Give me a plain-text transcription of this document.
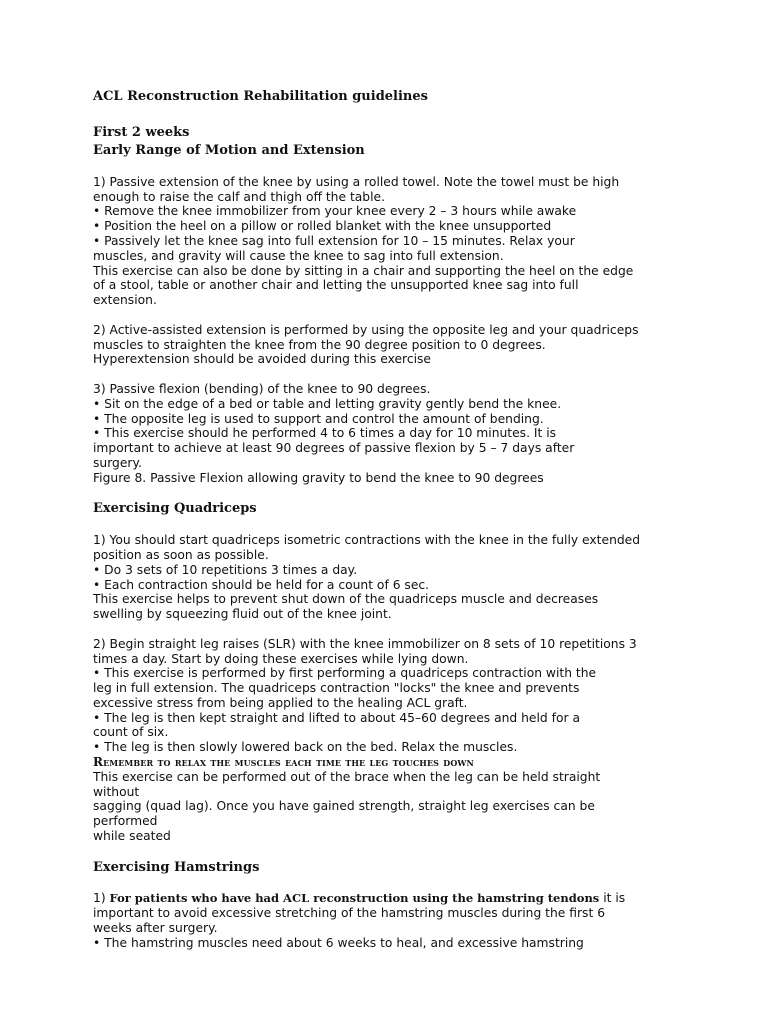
ACL Reconstruction Rehabilitation guidelines

First 2 weeks

Early Range of Motion and Extension

1) Passive extension of the knee by using a rolled towel. Note the towel must be high
enough to raise the calf and thigh off the table.
• Remove the knee immobilizer from your knee every 2 – 3 hours while awake
• Position the heel on a pillow or rolled blanket with the knee unsupported
• Passively let the knee sag into full extension for 10 – 15 minutes. Relax your
muscles, and gravity will cause the knee to sag into full extension.
This exercise can also be done by sitting in a chair and supporting the heel on the edge
of a stool, table or another chair and letting the unsupported knee sag into full
extension.

2) Active-assisted extension is performed by using the opposite leg and your quadriceps
muscles to straighten the knee from the 90 degree position to 0 degrees.
Hyperextension should be avoided during this exercise

3) Passive flexion (bending) of the knee to 90 degrees.
• Sit on the edge of a bed or table and letting gravity gently bend the knee.
• The opposite leg is used to support and control the amount of bending.
• This exercise should he performed 4 to 6 times a day for 10 minutes. It is
important to achieve at least 90 degrees of passive flexion by 5 – 7 days after
surgery.
Figure 8. Passive Flexion allowing gravity to bend the knee to 90 degrees

Exercising Quadriceps

1) You should start quadriceps isometric contractions with the knee in the fully extended
position as soon as possible.
• Do 3 sets of 10 repetitions 3 times a day.
• Each contraction should be held for a count of 6 sec.
This exercise helps to prevent shut down of the quadriceps muscle and decreases
swelling by squeezing fluid out of the knee joint.

2) Begin straight leg raises (SLR) with the knee immobilizer on 8 sets of 10 repetitions 3
times a day. Start by doing these exercises while lying down.
• This exercise is performed by first performing a quadriceps contraction with the
leg in full extension. The quadriceps contraction "locks" the knee and prevents
excessive stress from being applied to the healing ACL graft.
• The leg is then kept straight and lifted to about 45–60 degrees and held for a
count of six.
• The leg is then slowly lowered back on the bed. Relax the muscles.

Remember to relax the muscles each time the leg touches down

This exercise can be performed out of the brace when the leg can be held straight
without
sagging (quad lag). Once you have gained strength, straight leg exercises can be
performed
while seated

Exercising Hamstrings

1) For patients who have had ACL reconstruction using the hamstring tendons it is

important to avoid excessive stretching of the hamstring muscles during the first 6
weeks after surgery.
• The hamstring muscles need about 6 weeks to heal, and excessive hamstring
